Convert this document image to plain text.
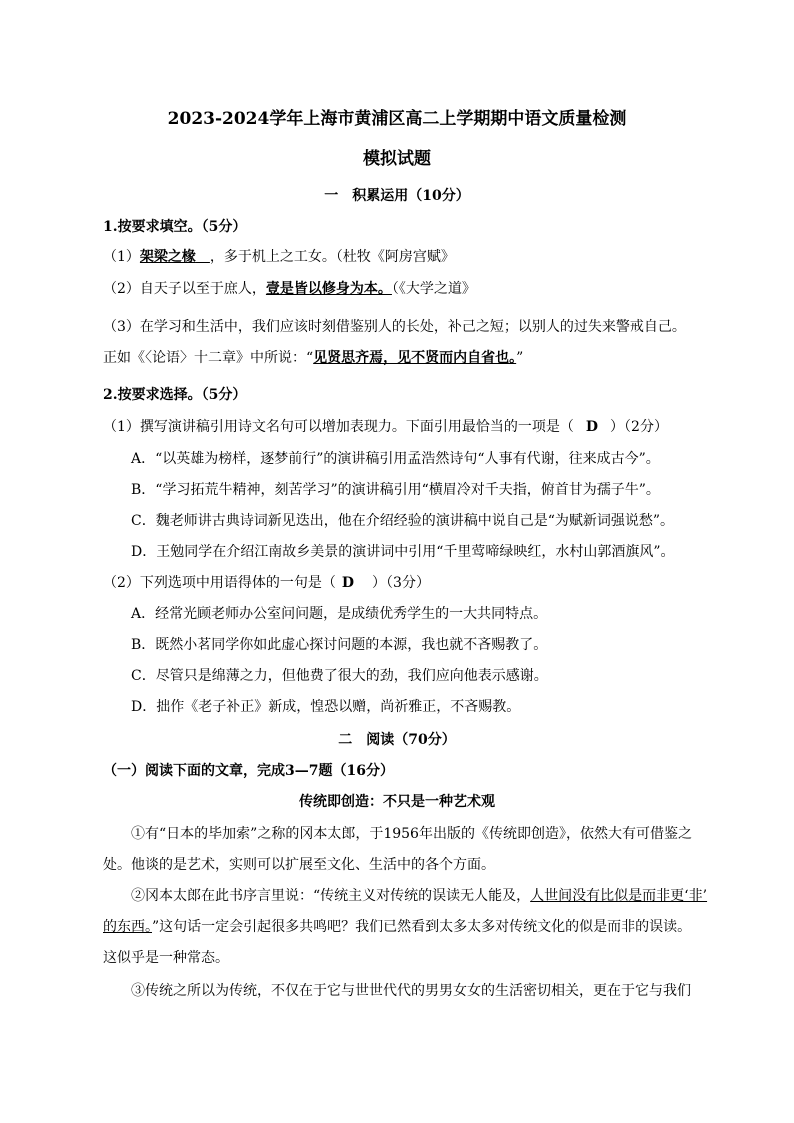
2023-2024学年上海市黄浦区高二上学期期中语文质量检测
模拟试题
一　积累运用（10分）
1.按要求填空。（5分）
（1）架梁之椽  ，多于机上之工女。（杜牧《阿房宫赋》
（2）自天子以至于庶人，壹是皆以修身为本。（《大学之道》
（3）在学习和生活中，我们应该时刻借鉴别人的长处，补己之短；以别人的过失来警戒自己。
正如《〈论语〉十二章》中所说：“见贤思齐焉，见不贤而内自省也。”
2.按要求选择。（5分）
（1）撰写演讲稿引用诗文名句可以增加表现力。下面引用最恰当的一项是（ D ）（2分）
A．“以英雄为榜样，逐梦前行”的演讲稿引用孟浩然诗句“人事有代谢，往来成古今”。
B．“学习拓荒牛精神，刻苦学习”的演讲稿引用“横眉冷对千夫指，俯首甘为孺子牛”。
C．魏老师讲古典诗词新见迭出，他在介绍经验的演讲稿中说自己是“为赋新词强说愁”。
D．王勉同学在介绍江南故乡美景的演讲词中引用“千里莺啼绿映红，水村山郭酒旗风”。
（2）下列选项中用语得体的一句是（ D ）（3分）
A．经常光顾老师办公室问问题，是成绩优秀学生的一大共同特点。
B．既然小茗同学你如此虚心探讨问题的本源，我也就不吝赐教了。
C．尽管只是绵薄之力，但他费了很大的劲，我们应向他表示感谢。
D．拙作《老子补正》新成，惶恐以赠，尚祈雅正，不吝赐教。
二　阅读（70分）
（一）阅读下面的文章，完成3—7题（16分）
传统即创造：不只是一种艺术观
①有“日本的毕加索”之称的冈本太郎，于1956年出版的《传统即创造》，依然大有可借鉴之
处。他谈的是艺术，实则可以扩展至文化、生活中的各个方面。
②冈本太郎在此书序言里说：“传统主义对传统的误读无人能及，人世间没有比似是而非更‘非’
的东西。”这句话一定会引起很多共鸣吧？我们已然看到太多太多对传统文化的似是而非的误读。
这似乎是一种常态。
③传统之所以为传统，不仅在于它与世世代代的男男女女的生活密切相关，更在于它与我们
